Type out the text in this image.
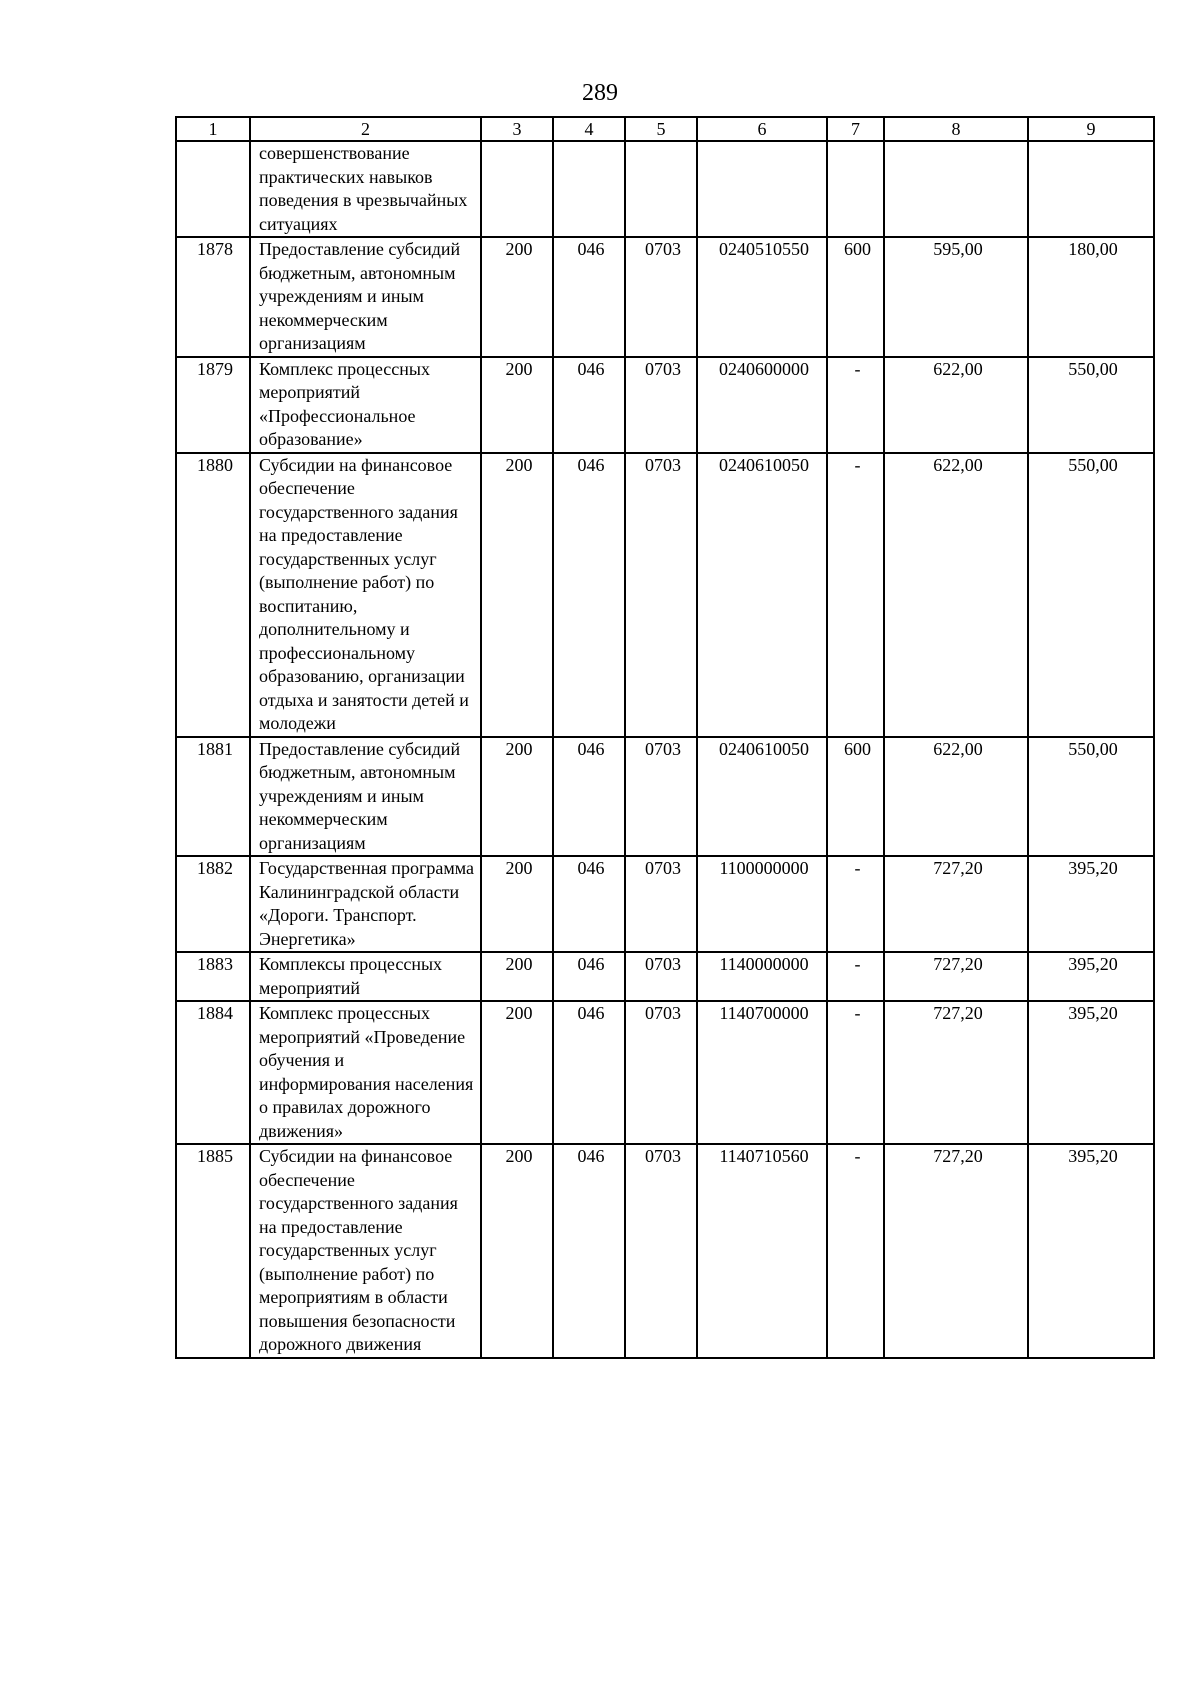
289
1	2	3	4	5	6	7	8	9
	совершенствование практических навыков поведения в чрезвычайных ситуациях							
1878	Предоставление субсидий бюджетным, автономным учреждениям и иным некоммерческим организациям	200	046	0703	0240510550	600	595,00	180,00
1879	Комплекс процессных мероприятий «Профессиональное образование»	200	046	0703	0240600000	-	622,00	550,00
1880	Субсидии на финансовое обеспечение государственного задания на предоставление государственных услуг (выполнение работ) по воспитанию, дополнительному и профессиональному образованию, организации отдыха и занятости детей и молодежи	200	046	0703	0240610050	-	622,00	550,00
1881	Предоставление субсидий бюджетным, автономным учреждениям и иным некоммерческим организациям	200	046	0703	0240610050	600	622,00	550,00
1882	Государственная программа Калининградской области «Дороги. Транспорт. Энергетика»	200	046	0703	1100000000	-	727,20	395,20
1883	Комплексы процессных мероприятий	200	046	0703	1140000000	-	727,20	395,20
1884	Комплекс процессных мероприятий «Проведение обучения и информирования населения о правилах дорожного движения»	200	046	0703	1140700000	-	727,20	395,20
1885	Субсидии на финансовое обеспечение государственного задания на предоставление государственных услуг (выполнение работ) по мероприятиям в области повышения безопасности дорожного движения	200	046	0703	1140710560	-	727,20	395,20
